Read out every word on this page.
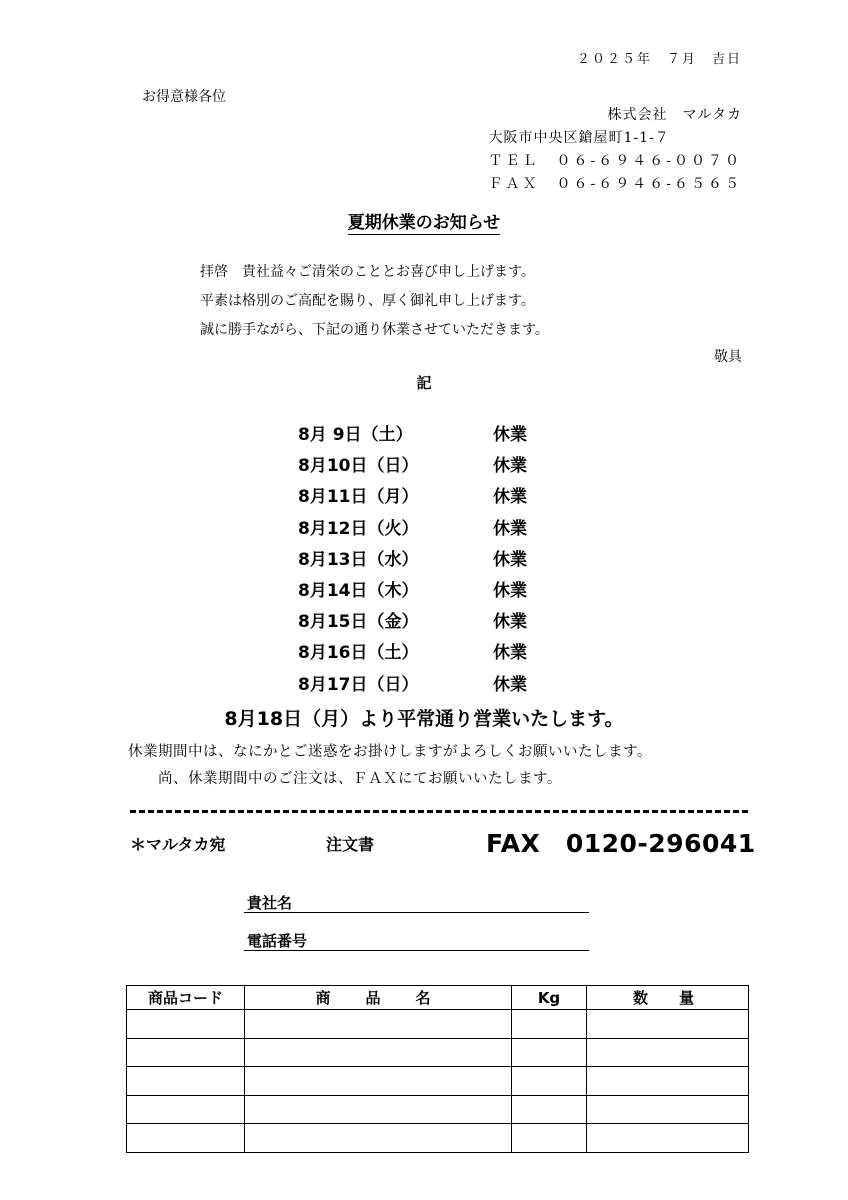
２０２５年　７月　吉日
お得意様各位
株式会社　マルタカ
大阪市中央区鎗屋町1-1-７
ＴＥＬ　０６-６９４６-００７０
ＦＡＸ　０６-６９４６-６５６５
夏期休業のお知らせ
拝啓　貴社益々ご清栄のこととお喜び申し上げます。
平素は格別のご高配を賜り、厚く御礼申し上げます。
誠に勝手ながら、下記の通り休業させていただきます。
敬具
記
8月 9日（土）	休業
8月10日（日）	休業
8月11日（月）	休業
8月12日（火）	休業
8月13日（水）	休業
8月14日（木）	休業
8月15日（金）	休業
8月16日（土）	休業
8月17日（日）	休業
8月18日（月）より平常通り営業いたします。
休業期間中は、なにかとご迷惑をお掛けしますがよろしくお願いいたします。
尚、休業期間中のご注文は、ＦＡＸにてお願いいたします。
＊マルタカ宛	注文書	FAX　0120-296041
貴社名
電話番号
商品コード	商　品　名	Kg	数　量
